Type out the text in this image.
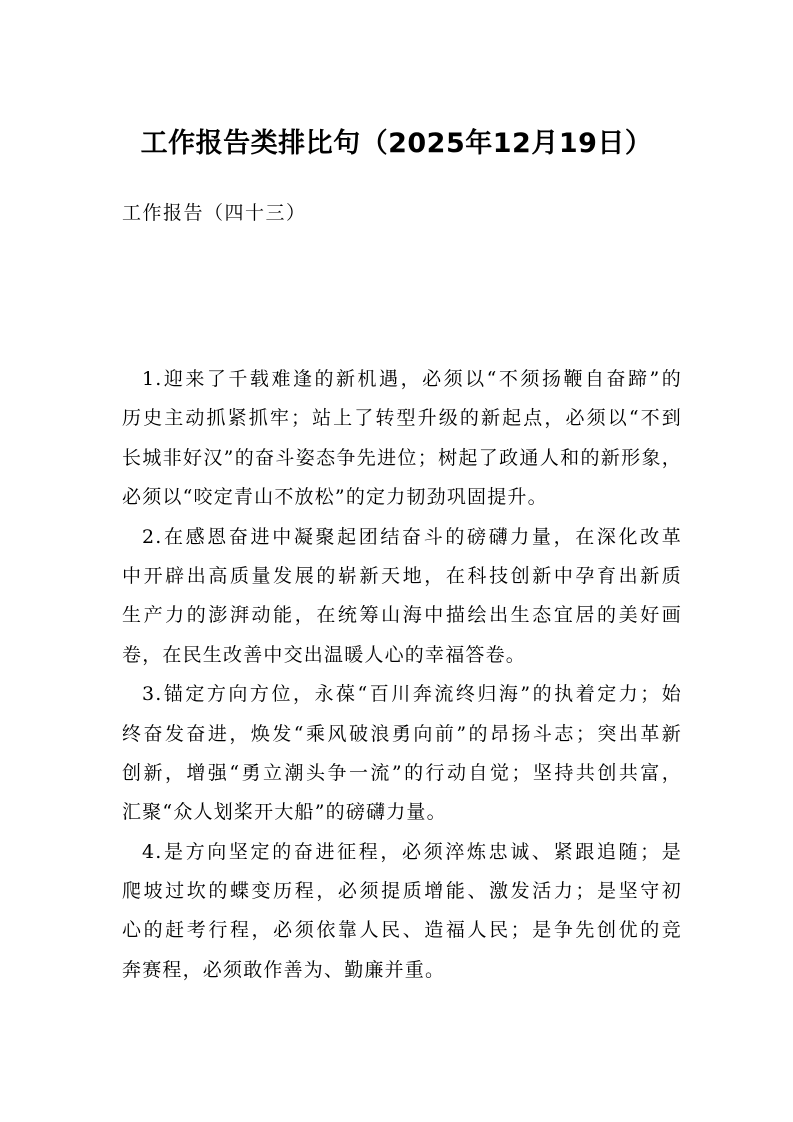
工作报告类排比句（2025年12月19日）
工作报告（四十三）
1.迎来了千载难逢的新机遇，必须以“不须扬鞭自奋蹄”的
历史主动抓紧抓牢；站上了转型升级的新起点，必须以“不到
长城非好汉”的奋斗姿态争先进位；树起了政通人和的新形象，
必须以“咬定青山不放松”的定力韧劲巩固提升。
2.在感恩奋进中凝聚起团结奋斗的磅礴力量，在深化改革
中开辟出高质量发展的崭新天地，在科技创新中孕育出新质
生产力的澎湃动能，在统筹山海中描绘出生态宜居的美好画
卷，在民生改善中交出温暖人心的幸福答卷。
3.锚定方向方位，永葆“百川奔流终归海”的执着定力；始
终奋发奋进，焕发“乘风破浪勇向前”的昂扬斗志；突出革新
创新，增强“勇立潮头争一流”的行动自觉；坚持共创共富，
汇聚“众人划桨开大船”的磅礴力量。
4.是方向坚定的奋进征程，必须淬炼忠诚、紧跟追随；是
爬坡过坎的蝶变历程，必须提质增能、激发活力；是坚守初
心的赶考行程，必须依靠人民、造福人民；是争先创优的竞
奔赛程，必须敢作善为、勤廉并重。
